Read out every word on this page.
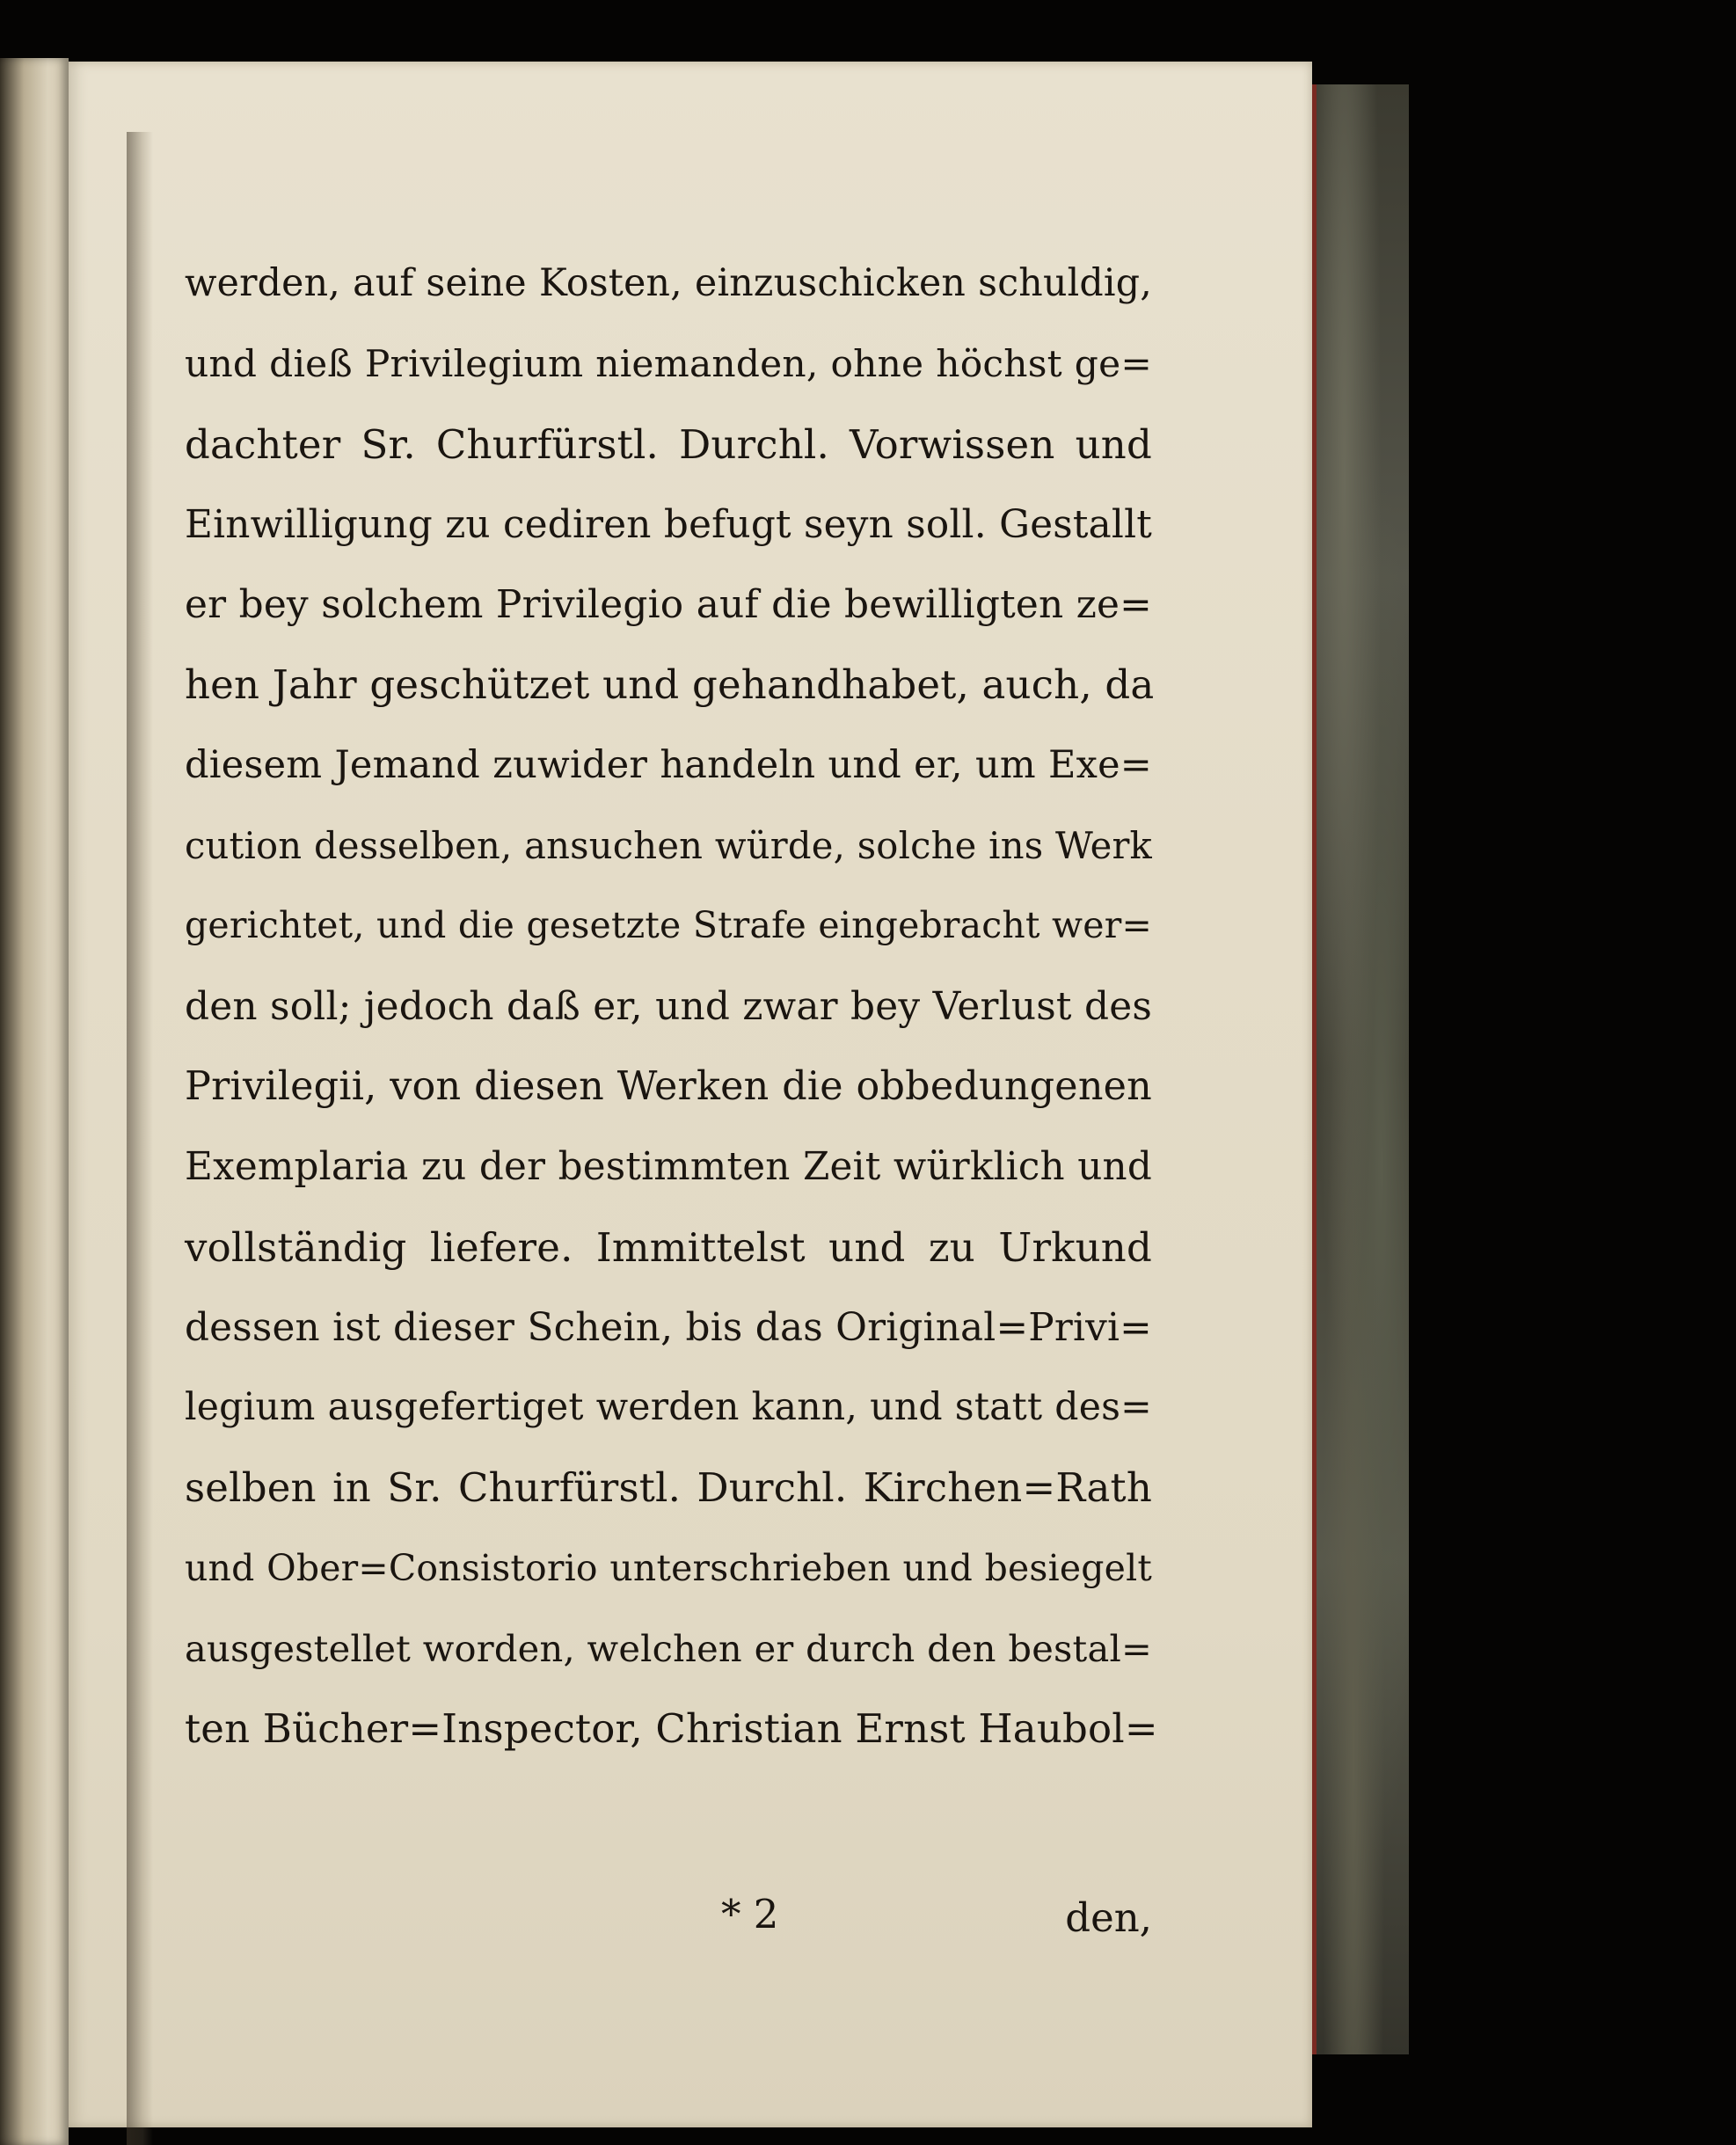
werden, auf seine Kosten, einzuschicken schuldig,
und dieß Privilegium niemanden, ohne höchst ge=
dachter Sr. Churfürstl. Durchl. Vorwissen und
Einwilligung zu cediren befugt seyn soll. Gestallt
er bey solchem Privilegio auf die bewilligten ze=
hen Jahr geschützet und gehandhabet, auch, da
diesem Jemand zuwider handeln und er, um Exe=
cution desselben, ansuchen würde, solche ins Werk
gerichtet, und die gesetzte Strafe eingebracht wer=
den soll; jedoch daß er, und zwar bey Verlust des
Privilegii, von diesen Werken die obbedungenen
Exemplaria zu der bestimmten Zeit würklich und
vollständig liefere. Immittelst und zu Urkund
dessen ist dieser Schein, bis das Original=Privi=
legium ausgefertiget werden kann, und statt des=
selben in Sr. Churfürstl. Durchl. Kirchen=Rath
und Ober=Consistorio unterschrieben und besiegelt
ausgestellet worden, welchen er durch den bestal=
ten Bücher=Inspector, Christian Ernst Haubol=
* 2	den,
